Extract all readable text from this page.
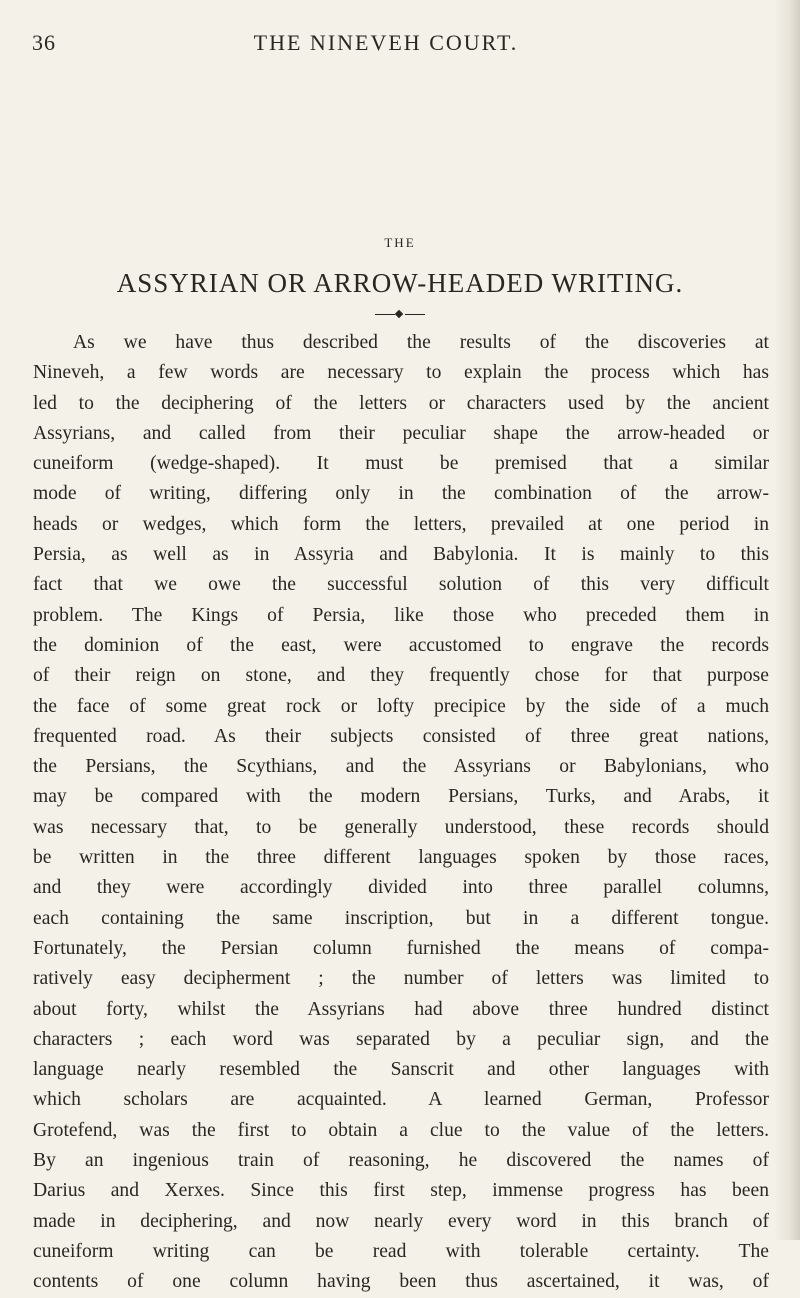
36	THE NINEVEH COURT.
THE
ASSYRIAN OR ARROW-HEADED WRITING.
As we have thus described the results of the discoveries at
Nineveh, a few words are necessary to explain the process which has
led to the deciphering of the letters or characters used by the ancient
Assyrians, and called from their peculiar shape the arrow-headed or
cuneiform (wedge-shaped). It must be premised that a similar
mode of writing, differing only in the combination of the arrow-
heads or wedges, which form the letters, prevailed at one period in
Persia, as well as in Assyria and Babylonia. It is mainly to this
fact that we owe the successful solution of this very difficult
problem. The Kings of Persia, like those who preceded them in
the dominion of the east, were accustomed to engrave the records
of their reign on stone, and they frequently chose for that purpose
the face of some great rock or lofty precipice by the side of a much
frequented road. As their subjects consisted of three great nations,
the Persians, the Scythians, and the Assyrians or Babylonians, who
may be compared with the modern Persians, Turks, and Arabs, it
was necessary that, to be generally understood, these records should
be written in the three different languages spoken by those races,
and they were accordingly divided into three parallel columns,
each containing the same inscription, but in a different tongue.
Fortunately, the Persian column furnished the means of compa-
ratively easy decipherment ; the number of letters was limited to
about forty, whilst the Assyrians had above three hundred distinct
characters ; each word was separated by a peculiar sign, and the
language nearly resembled the Sanscrit and other languages with
which scholars are acquainted. A learned German, Professor
Grotefend, was the first to obtain a clue to the value of the letters.
By an ingenious train of reasoning, he discovered the names of
Darius and Xerxes. Since this first step, immense progress has been
made in deciphering, and now nearly every word in this branch of
cuneiform writing can be read with tolerable certainty. The
contents of one column having been thus ascertained, it was, of
